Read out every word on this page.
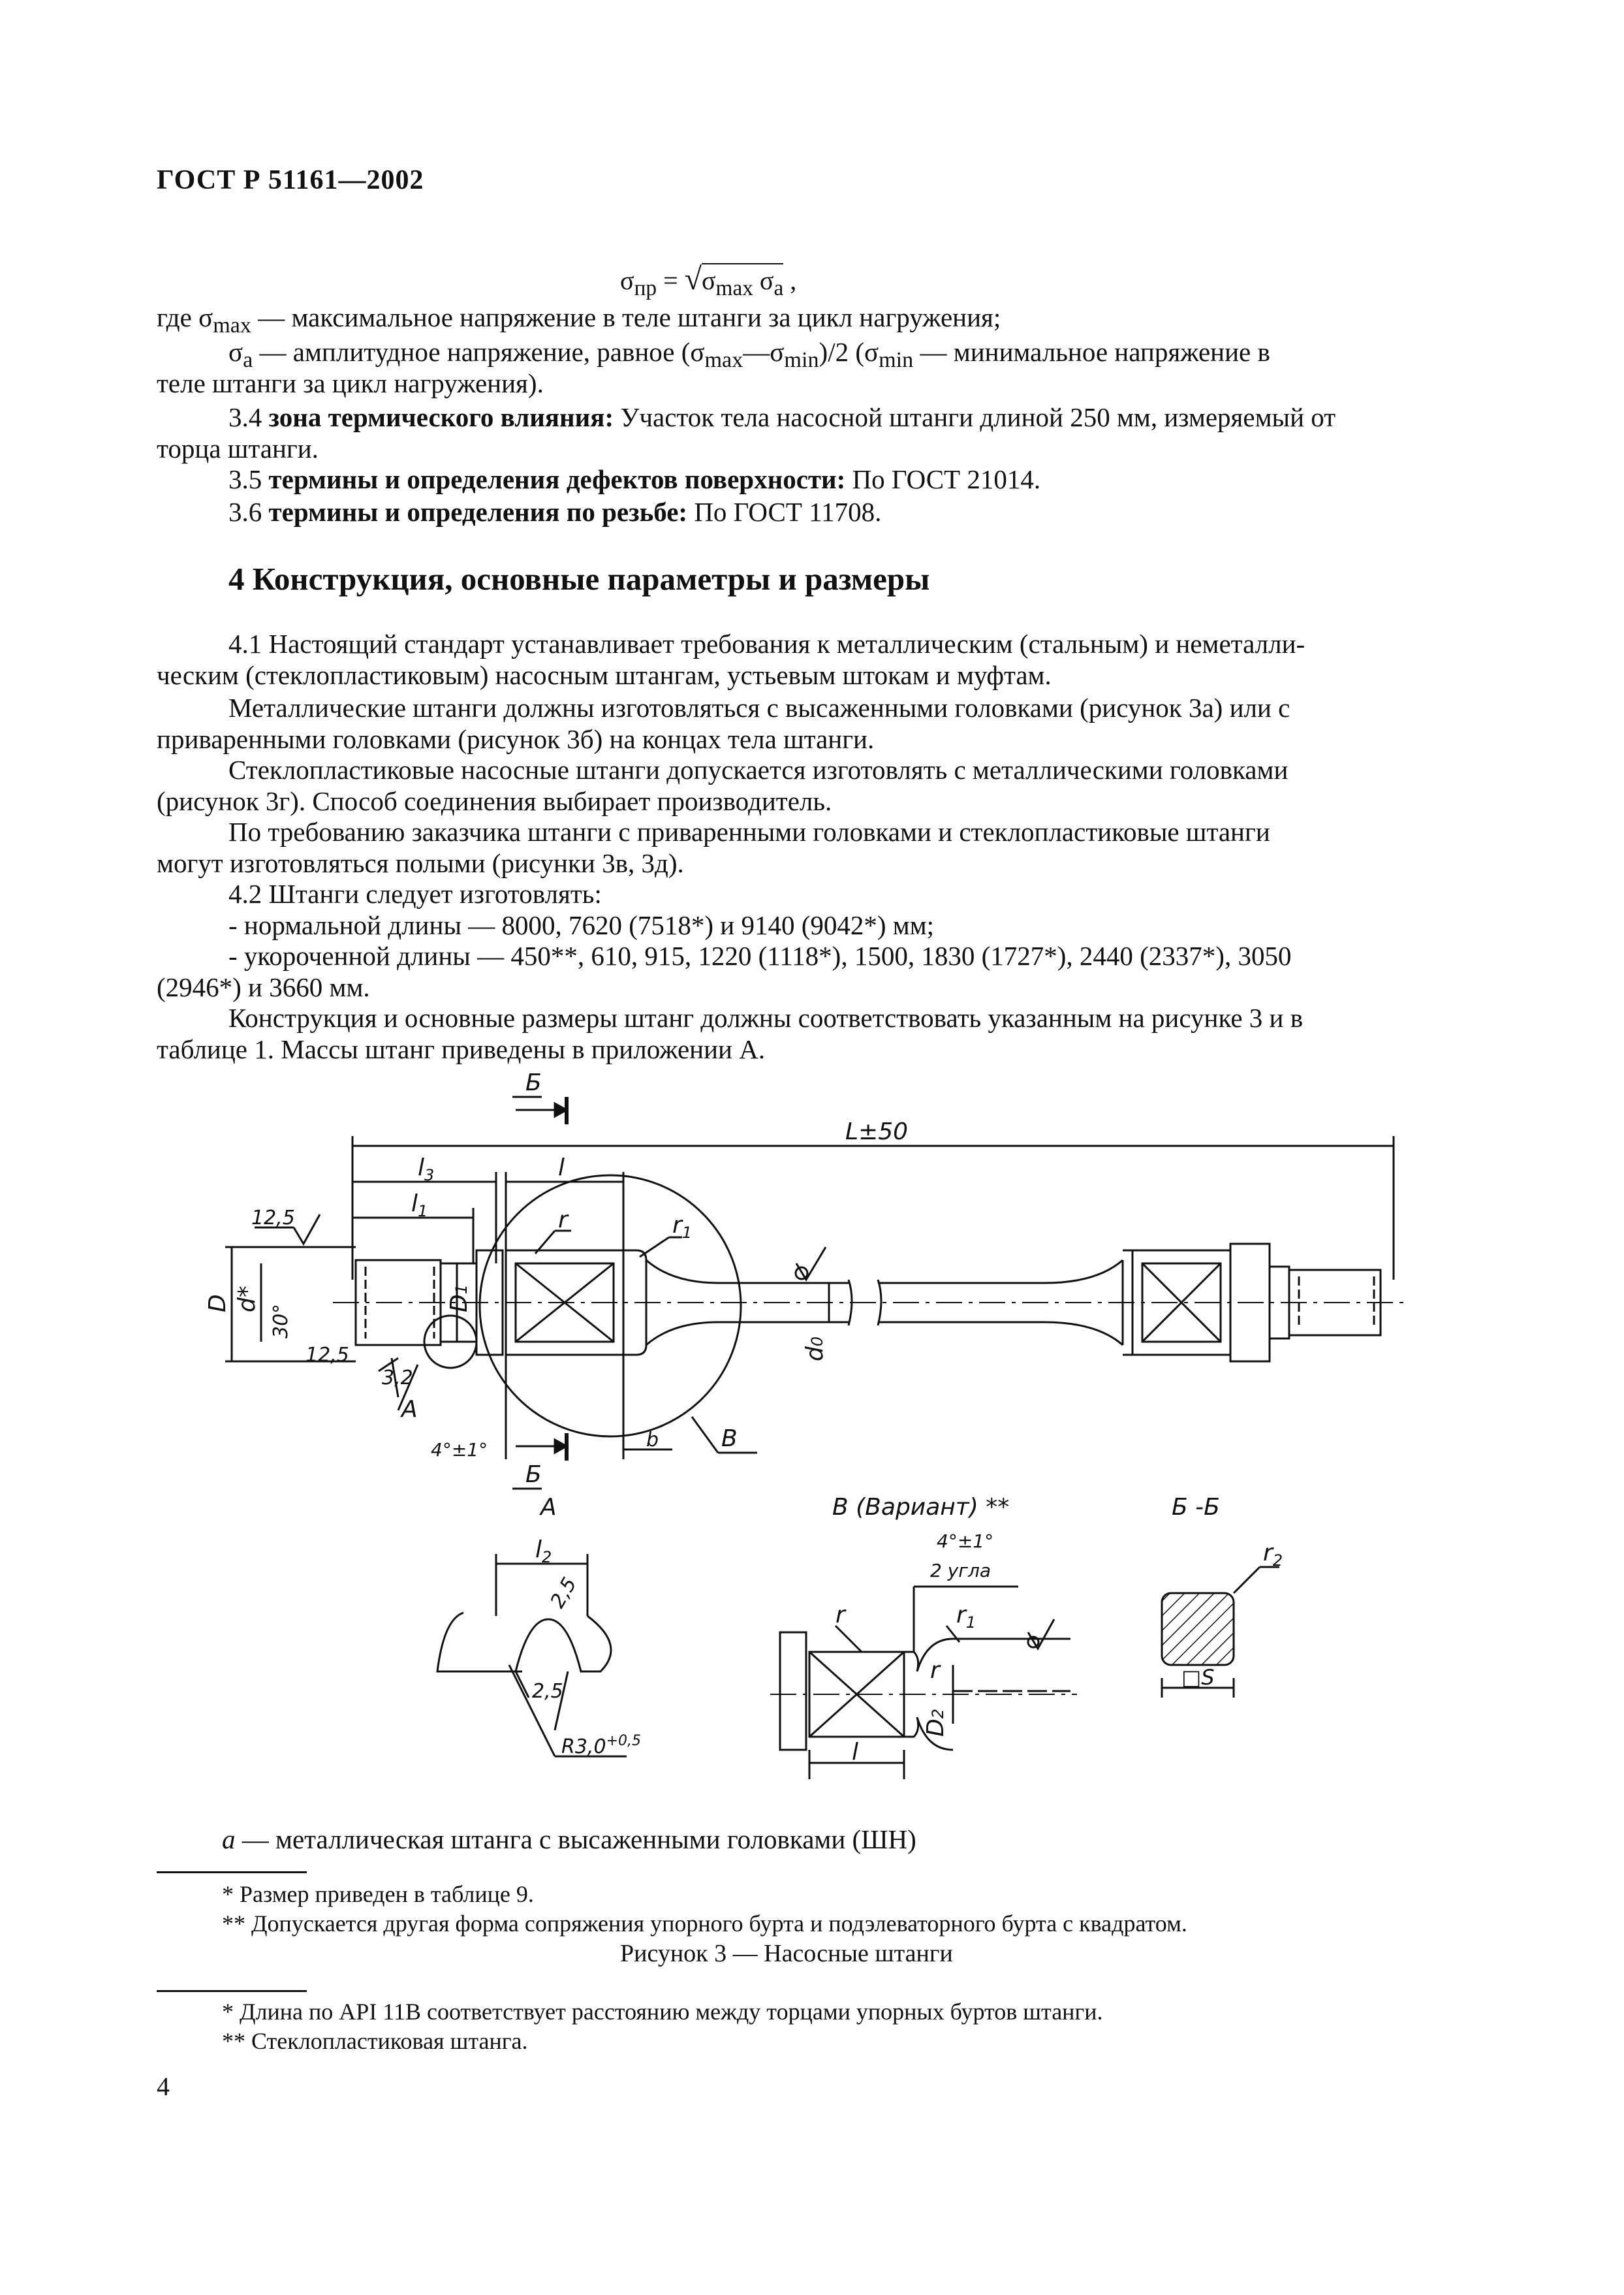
ГОСТ Р 51161—2002
$\sigma_{пр} = √\sigma_{max}$ $\sigma_a$ ,
где $\sigma_{max}$ — максимальное напряжение в теле штанги за цикл нагружения;
$\sigma_a$ — амплитудное напряжение, равное $(\sigma_{max}—\sigma_{min})/2$ ($\sigma_{min}$ — минимальное напряжение в
теле штанги за цикл нагружения).
3.4 зона термического влияния: Участок тела насосной штанги длиной 250 мм, измеряемый от
торца штанги.
3.5 термины и определения дефектов поверхности: По ГОСТ 21014.
3.6 термины и определения по резьбе: По ГОСТ 11708.
4 Конструкция, основные параметры и размеры
4.1 Настоящий стандарт устанавливает требования к металлическим (стальным) и неметалли-
ческим (стеклопластиковым) насосным штангам, устьевым штокам и муфтам.
Металлические штанги должны изготовляться с высаженными головками (рисунок 3а) или с
приваренными головками (рисунок 3б) на концах тела штанги.
Стеклопластиковые насосные штанги допускается изготовлять с металлическими головками
(рисунок 3г). Способ соединения выбирает производитель.
По требованию заказчика штанги с приваренными головками и стеклопластиковые штанги
могут изготовляться полыми (рисунки 3в, 3д).
4.2 Штанги следует изготовлять:
- нормальной длины — 8000, 7620 (7518*) и 9140 (9042*) мм;
- укороченной длины — 450**, 610, 915, 1220 (1118*), 1500, 1830 (1727*), 2440 (2337*), 3050
(2946*) и 3660 мм.
Конструкция и основные размеры штанг должны соответствовать указанным на рисунке 3 и в
таблице 1. Массы штанг приведены в приложении А.
Б
L±50
$l_3$	l
$l_1$
12,5
12,5
r	$r_1$
D d*
30°
D1
3,2
A
4°±1°	b	B
Б
d0
A
$l_2$
2,5
2,5
$R3,0^{+0,5}$
B (Вариант) **
4°±1°
2 угла
r	$r_1$
r
D2
l
Б -Б
$r_2$
□S
а — металлическая штанга с высаженными головками (ШН)
* Размер приведен в таблице 9.
** Допускается другая форма сопряжения упорного бурта и подэлеваторного бурта с квадратом.
Рисунок 3 — Насосные штанги
* Длина по API 11B соответствует расстоянию между торцами упорных буртов штанги.
** Стеклопластиковая штанга.
4
